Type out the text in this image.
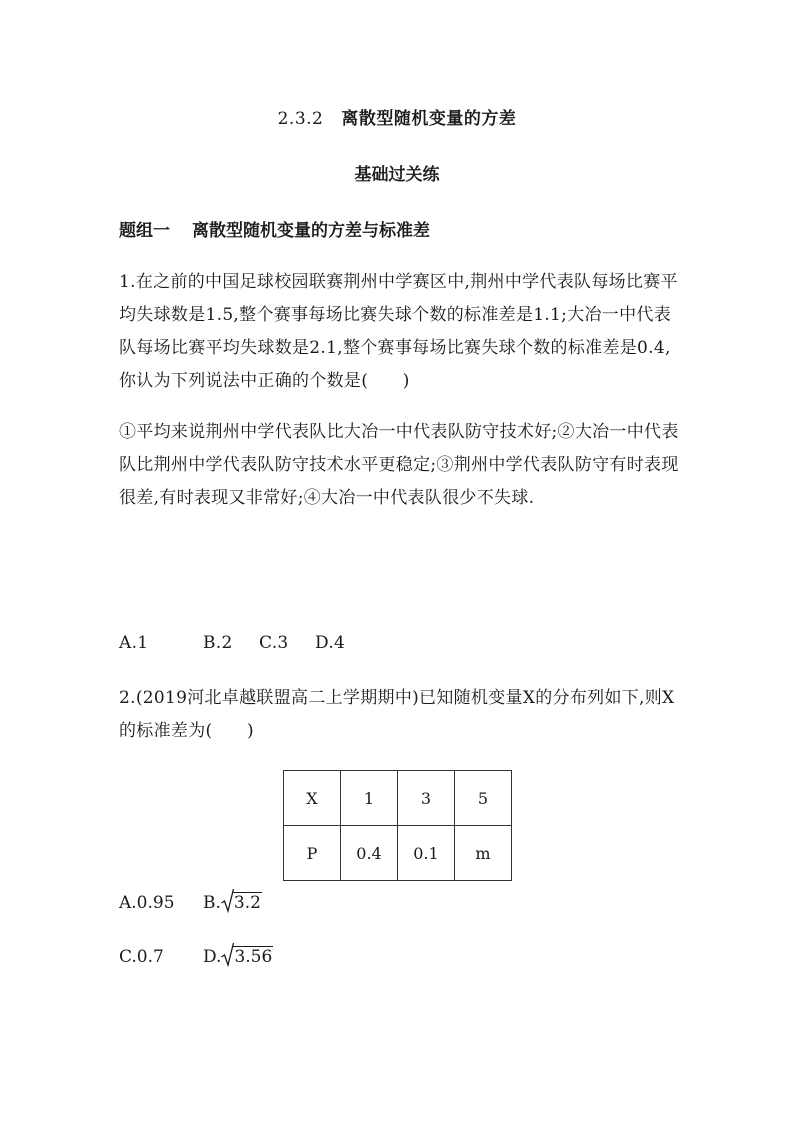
2.3.2 离散型随机变量的方差
基础过关练
题组一 离散型随机变量的方差与标准差
1.在之前的中国足球校园联赛荆州中学赛区中,荆州中学代表队每场比赛平均失球数是1.5,整个赛事每场比赛失球个数的标准差是1.1;大冶一中代表队每场比赛平均失球数是2.1,整个赛事每场比赛失球个数的标准差是0.4,你认为下列说法中正确的个数是(　　)
①平均来说荆州中学代表队比大冶一中代表队防守技术好;②大冶一中代表队比荆州中学代表队防守技术水平更稳定;③荆州中学代表队防守有时表现很差,有时表现又非常好;④大冶一中代表队很少不失球.
A.1	B.2 C.3 D.4
2.(2019河北卓越联盟高二上学期期中)已知随机变量X的分布列如下,则X的标准差为(　　)
X	1	3	5
P	0.4	0.1	m
A.0.95 B. 3.2
C.0.7 D. 3.56
